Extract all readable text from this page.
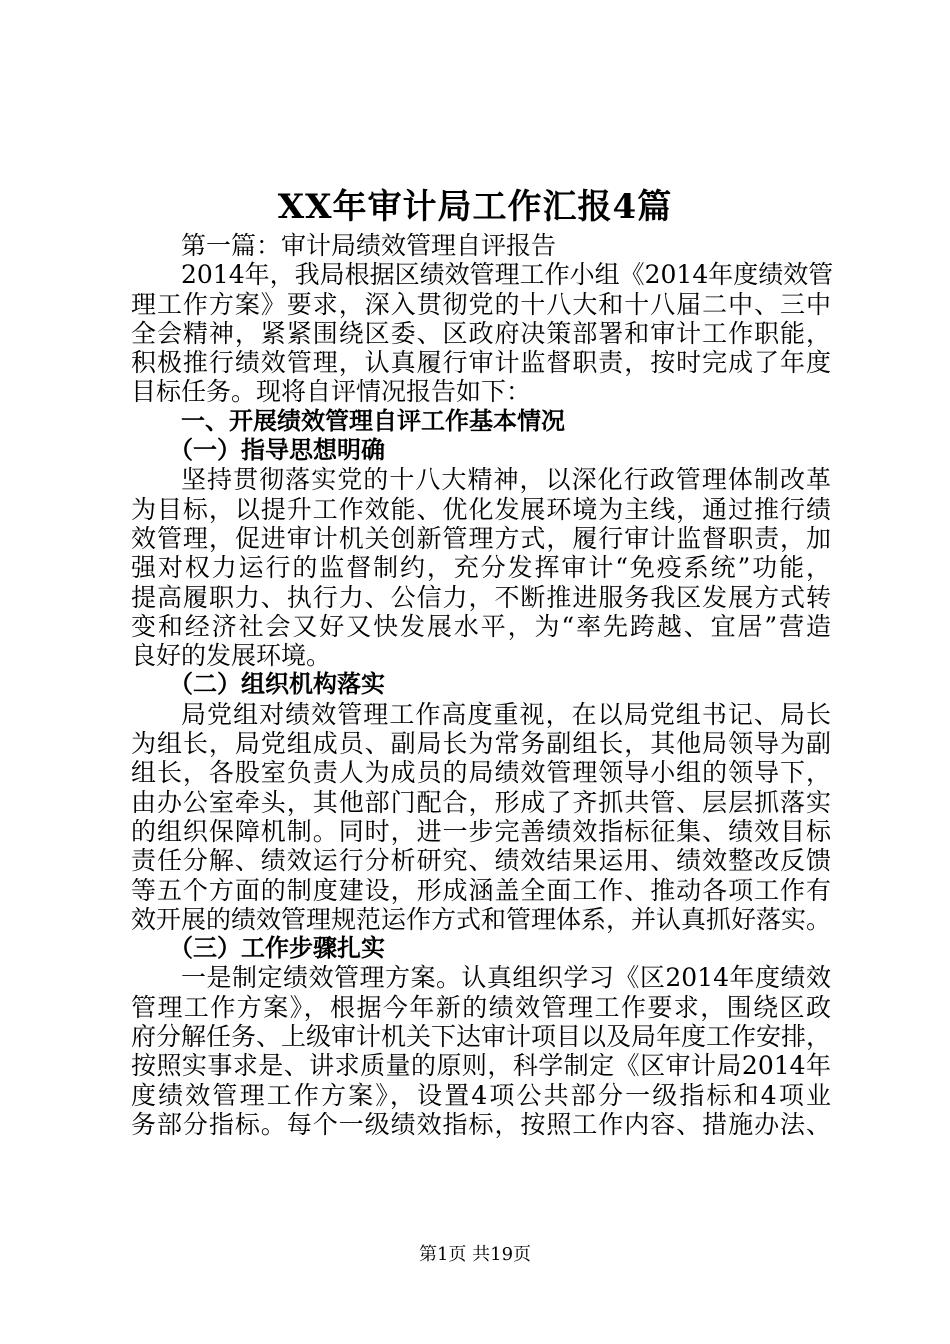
XX年审计局工作汇报4篇
第一篇：审计局绩效管理自评报告
2014年，我局根据区绩效管理工作小组《2014年度绩效管
理工作方案》要求，深入贯彻党的十八大和十八届二中、三中
全会精神，紧紧围绕区委、区政府决策部署和审计工作职能，
积极推行绩效管理，认真履行审计监督职责，按时完成了年度
目标任务。现将自评情况报告如下：
一、开展绩效管理自评工作基本情况
（一）指导思想明确
坚持贯彻落实党的十八大精神，以深化行政管理体制改革
为目标，以提升工作效能、优化发展环境为主线，通过推行绩
效管理，促进审计机关创新管理方式，履行审计监督职责，加
强对权力运行的监督制约，充分发挥审计“免疫系统”功能，
提高履职力、执行力、公信力，不断推进服务我区发展方式转
变和经济社会又好又快发展水平，为“率先跨越、宜居”营造
良好的发展环境。
（二）组织机构落实
局党组对绩效管理工作高度重视，在以局党组书记、局长
为组长，局党组成员、副局长为常务副组长，其他局领导为副
组长，各股室负责人为成员的局绩效管理领导小组的领导下，
由办公室牵头，其他部门配合，形成了齐抓共管、层层抓落实
的组织保障机制。同时，进一步完善绩效指标征集、绩效目标
责任分解、绩效运行分析研究、绩效结果运用、绩效整改反馈
等五个方面的制度建设，形成涵盖全面工作、推动各项工作有
效开展的绩效管理规范运作方式和管理体系，并认真抓好落实。
（三）工作步骤扎实
一是制定绩效管理方案。认真组织学习《区2014年度绩效
管理工作方案》，根据今年新的绩效管理工作要求，围绕区政
府分解任务、上级审计机关下达审计项目以及局年度工作安排，
按照实事求是、讲求质量的原则，科学制定《区审计局2014年
度绩效管理工作方案》，设置4项公共部分一级指标和4项业
务部分指标。每个一级绩效指标，按照工作内容、措施办法、
第1页 共19页
